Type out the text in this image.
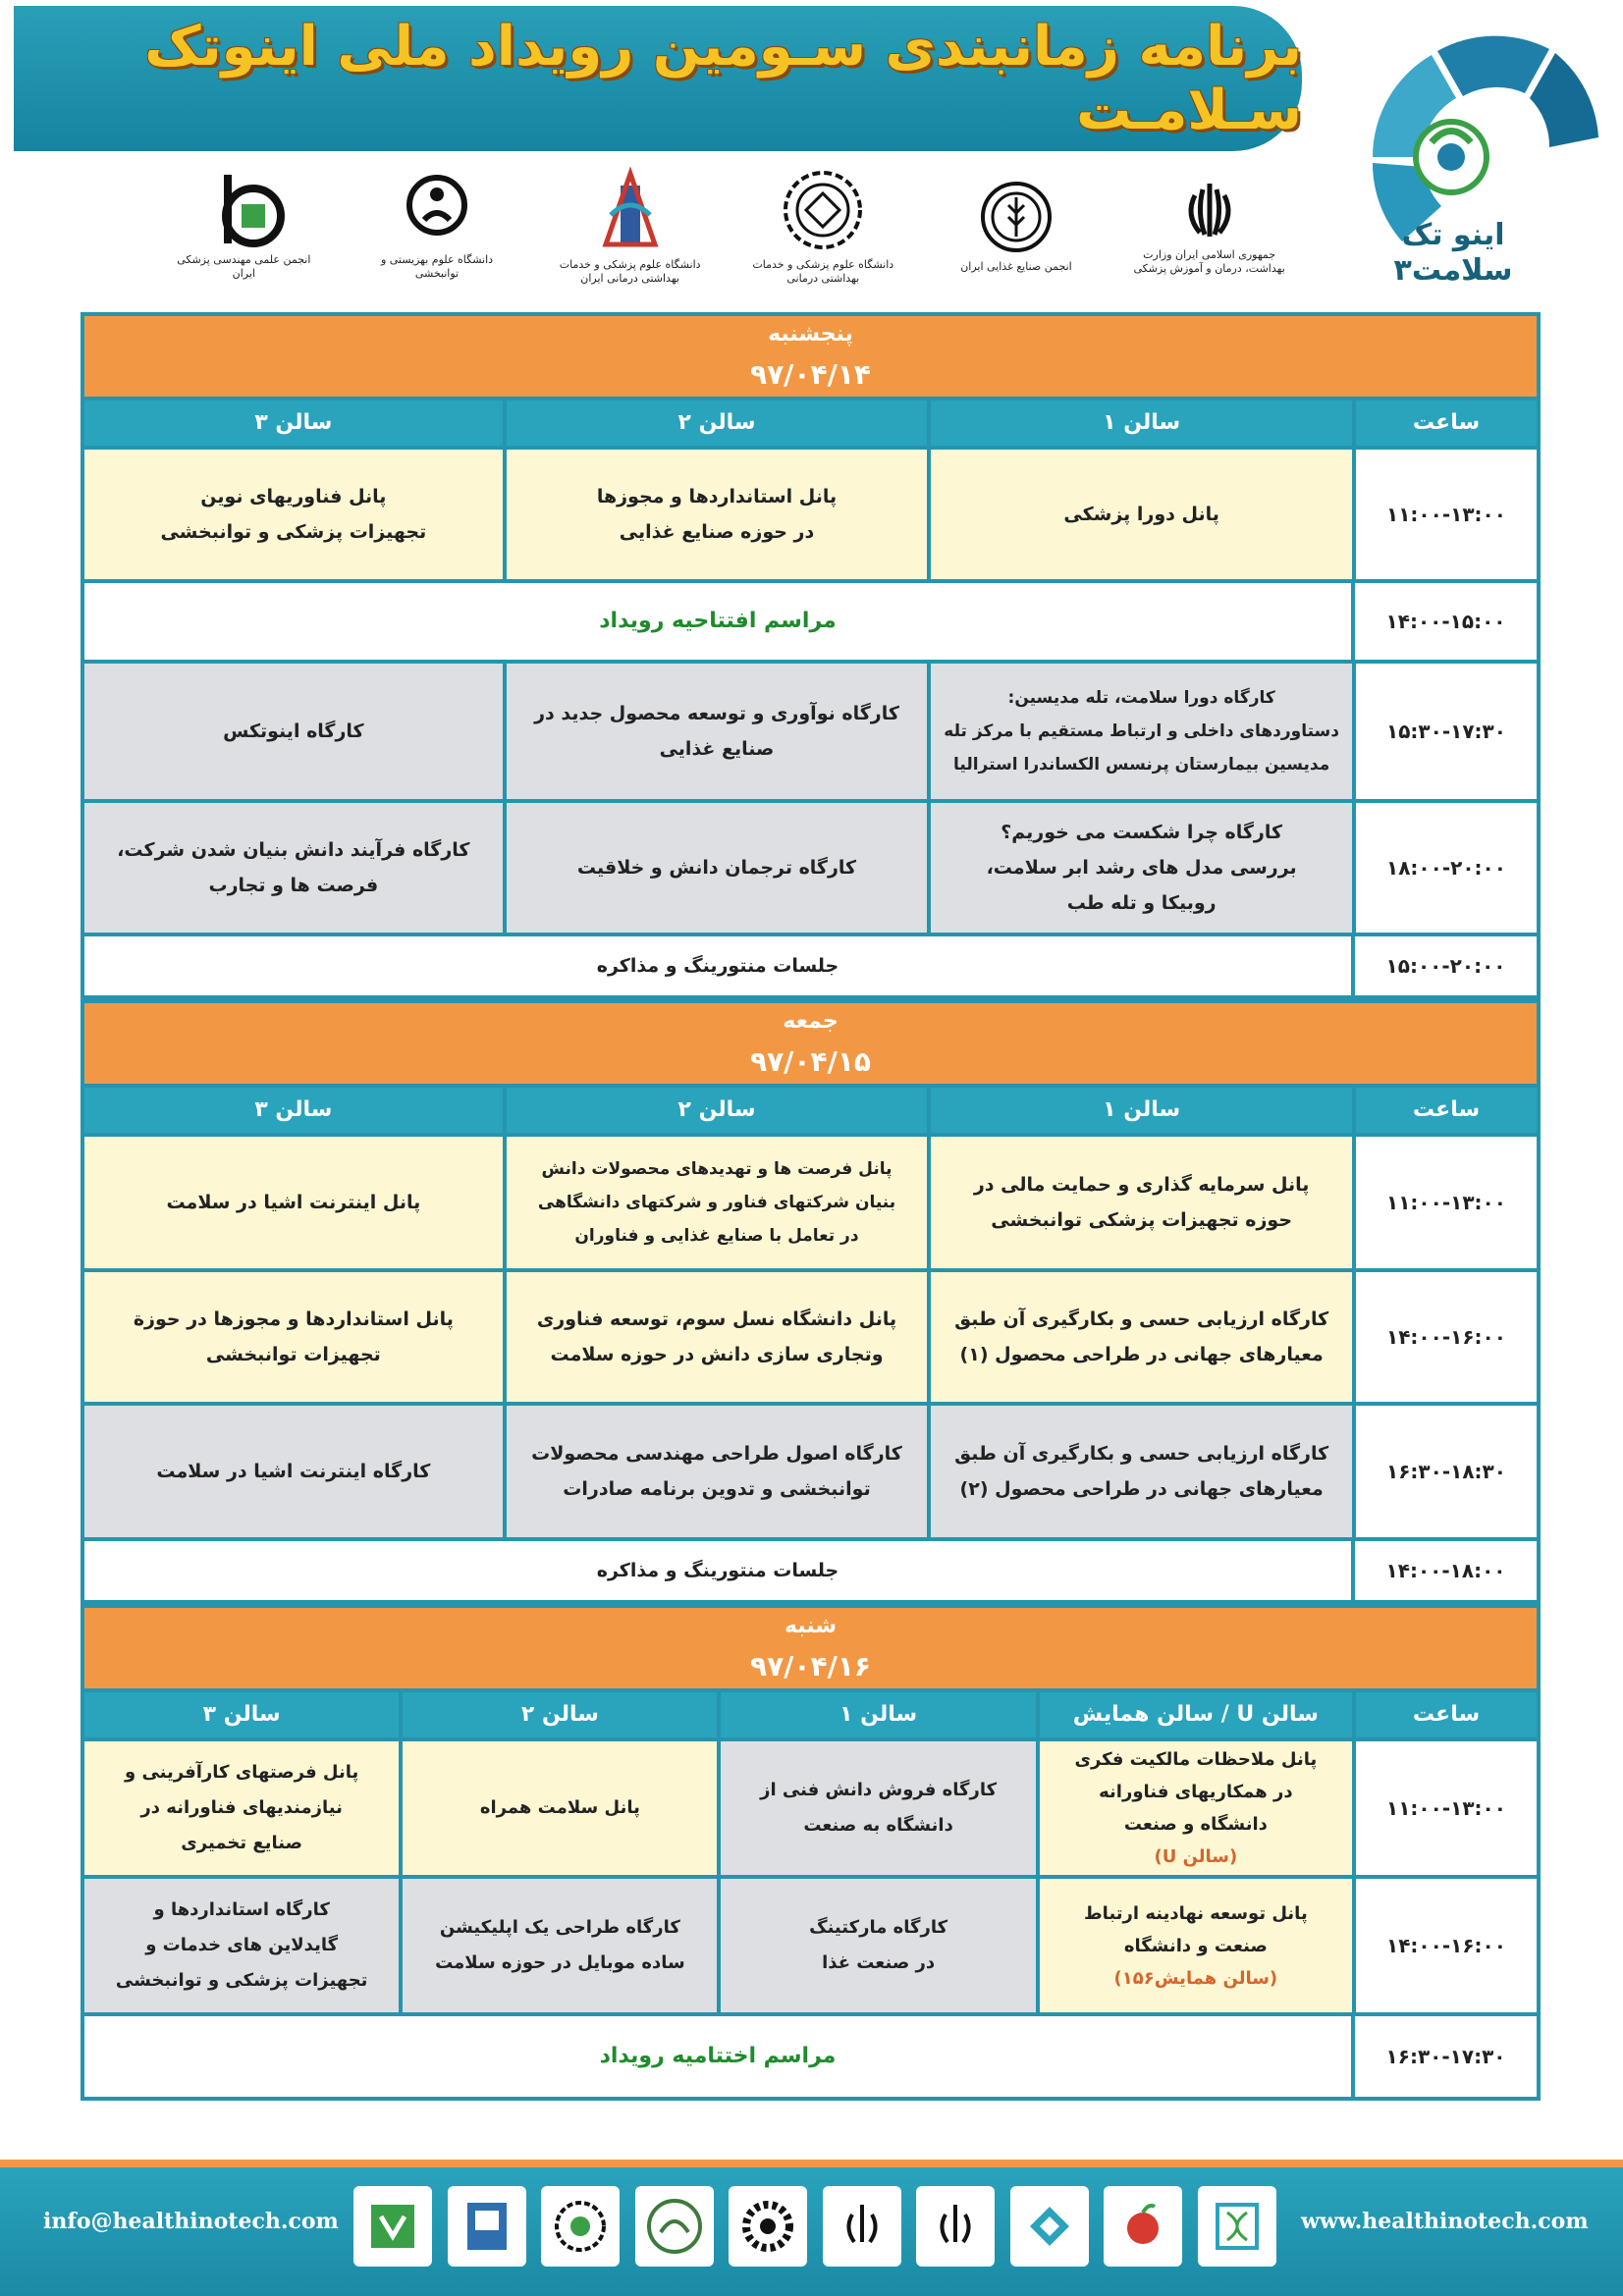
برنامه زمانبندی سـومین رویداد ملی اینوتک سـلامـت
اینو تک
سلامت۳
جمهوری اسلامی ایران وزارت بهداشت، درمان و آموزش پزشکی
انجمن صنایع غذایی ایران
دانشگاه علوم پزشکی و خدمات بهداشتی درمانی
دانشگاه علوم پزشکی و خدمات بهداشتی درمانی ایران
دانشگاه علوم بهزیستی و توانبخشی
انجمن علمی مهندسی پزشکی ایران
پنجشنبه
۹۷/۰۴/۱۴
ساعت
سالن ۱
سالن ۲
سالن ۳
۱۱:۰۰-۱۳:۰۰
پانل دورا پزشکی
پانل استانداردها و مجوزها
در حوزه صنایع غذایی
پانل فناوریهای نوین
تجهیزات پزشکی و توانبخشی
۱۴:۰۰-۱۵:۰۰
مراسم افتتاحیه رویداد
۱۵:۳۰-۱۷:۳۰
کارگاه دورا سلامت، تله مدیسین:
دستاوردهای داخلی و ارتباط مستقیم با مرکز تله
مدیسین بیمارستان پرنسس الکساندرا استرالیا
کارگاه نوآوری و توسعه محصول جدید در
صنایع غذایی
کارگاه اینوتکس
۱۸:۰۰-۲۰:۰۰
کارگاه چرا شکست می خوریم؟
بررسی مدل های رشد ابر سلامت،
روبیکا و تله طب
کارگاه ترجمان دانش و خلاقیت
کارگاه فرآیند دانش بنیان شدن شرکت،
فرصت ها و تجارب
۱۵:۰۰-۲۰:۰۰
جلسات منتورینگ و مذاکره
جمعه
۹۷/۰۴/۱۵
ساعت
سالن ۱
سالن ۲
سالن ۳
۱۱:۰۰-۱۳:۰۰
پانل سرمایه گذاری و حمایت مالی در
حوزه تجهیزات پزشکی توانبخشی
پانل فرصت ها و تهدیدهای محصولات دانش
بنیان شرکتهای فناور و شرکتهای دانشگاهی
در تعامل با صنایع غذایی و فناوران
پانل اینترنت اشیا در سلامت
۱۴:۰۰-۱۶:۰۰
کارگاه ارزیابی حسی و بکارگیری آن طبق
معیارهای جهانی در طراحی محصول (۱)
پانل دانشگاه نسل سوم، توسعه فناوری
وتجاری سازی دانش در حوزه سلامت
پانل استانداردها و مجوزها در حوزة
تجهیزات توانبخشی
۱۶:۳۰-۱۸:۳۰
کارگاه ارزیابی حسی و بکارگیری آن طبق
معیارهای جهانی در طراحی محصول (۲)
کارگاه اصول طراحی مهندسی محصولات
توانبخشی و تدوین برنامه صادرات
کارگاه اینترنت اشیا در سلامت
۱۴:۰۰-۱۸:۰۰
جلسات منتورینگ و مذاکره
شنبه
۹۷/۰۴/۱۶
ساعت
سالن U / سالن همایش
سالن ۱
سالن ۲
سالن ۳
۱۱:۰۰-۱۳:۰۰
پانل ملاحظات مالکیت فکری
در همکاریهای فناورانه
دانشگاه و صنعت
(سالن U)
کارگاه فروش دانش فنی از
دانشگاه به صنعت
پانل سلامت همراه
پانل فرصتهای کارآفرینی و
نیازمندیهای فناورانه در
صنایع تخمیری
۱۴:۰۰-۱۶:۰۰
پانل توسعه نهادینه ارتباط
صنعت و دانشگاه
(سالن همایش۱۵۶)
کارگاه مارکتینگ
در صنعت غذا
کارگاه طراحی یک اپلیکیشن
ساده موبایل در حوزه سلامت
کارگاه استانداردها و
گایدلاین های خدمات و
تجهیزات پزشکی و توانبخشی
۱۶:۳۰-۱۷:۳۰
مراسم اختتامیه رویداد
info@healthinotech.com	www.healthinotech.com
